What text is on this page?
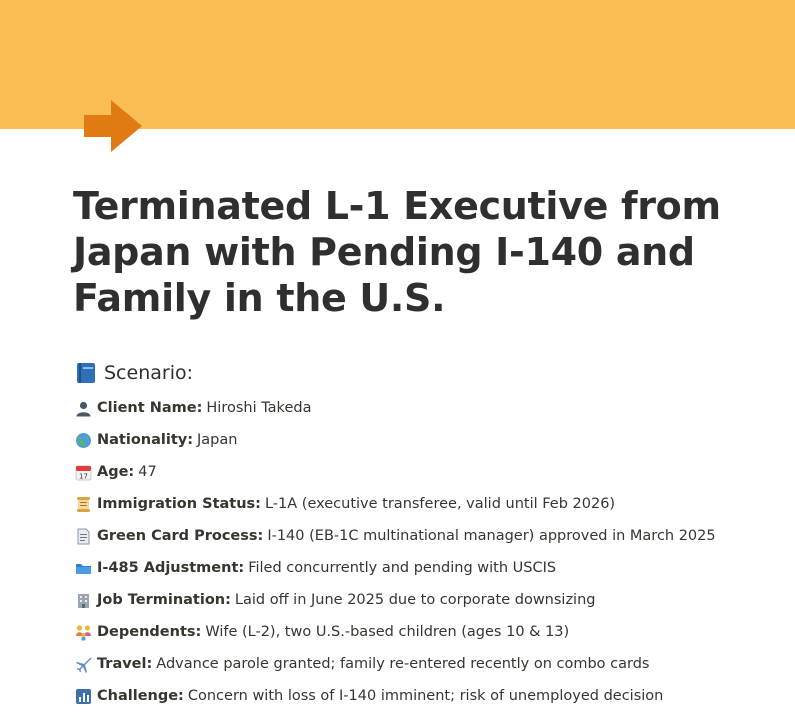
Terminated L-1 Executive from Japan with Pending I-140 and Family in the U.S.
Scenario:
Client Name: Hiroshi Takeda
Nationality: Japan
17 Age: 47
Immigration Status: L-1A (executive transferee, valid until Feb 2026)
Green Card Process: I-140 (EB-1C multinational manager) approved in March 2025
I-485 Adjustment: Filed concurrently and pending with USCIS
Job Termination: Laid off in June 2025 due to corporate downsizing
Dependents: Wife (L-2), two U.S.-based children (ages 10 & 13)
Travel: Advance parole granted; family re-entered recently on combo cards
Challenge: Concern with loss of I-140 imminent; risk of unemployed decision
